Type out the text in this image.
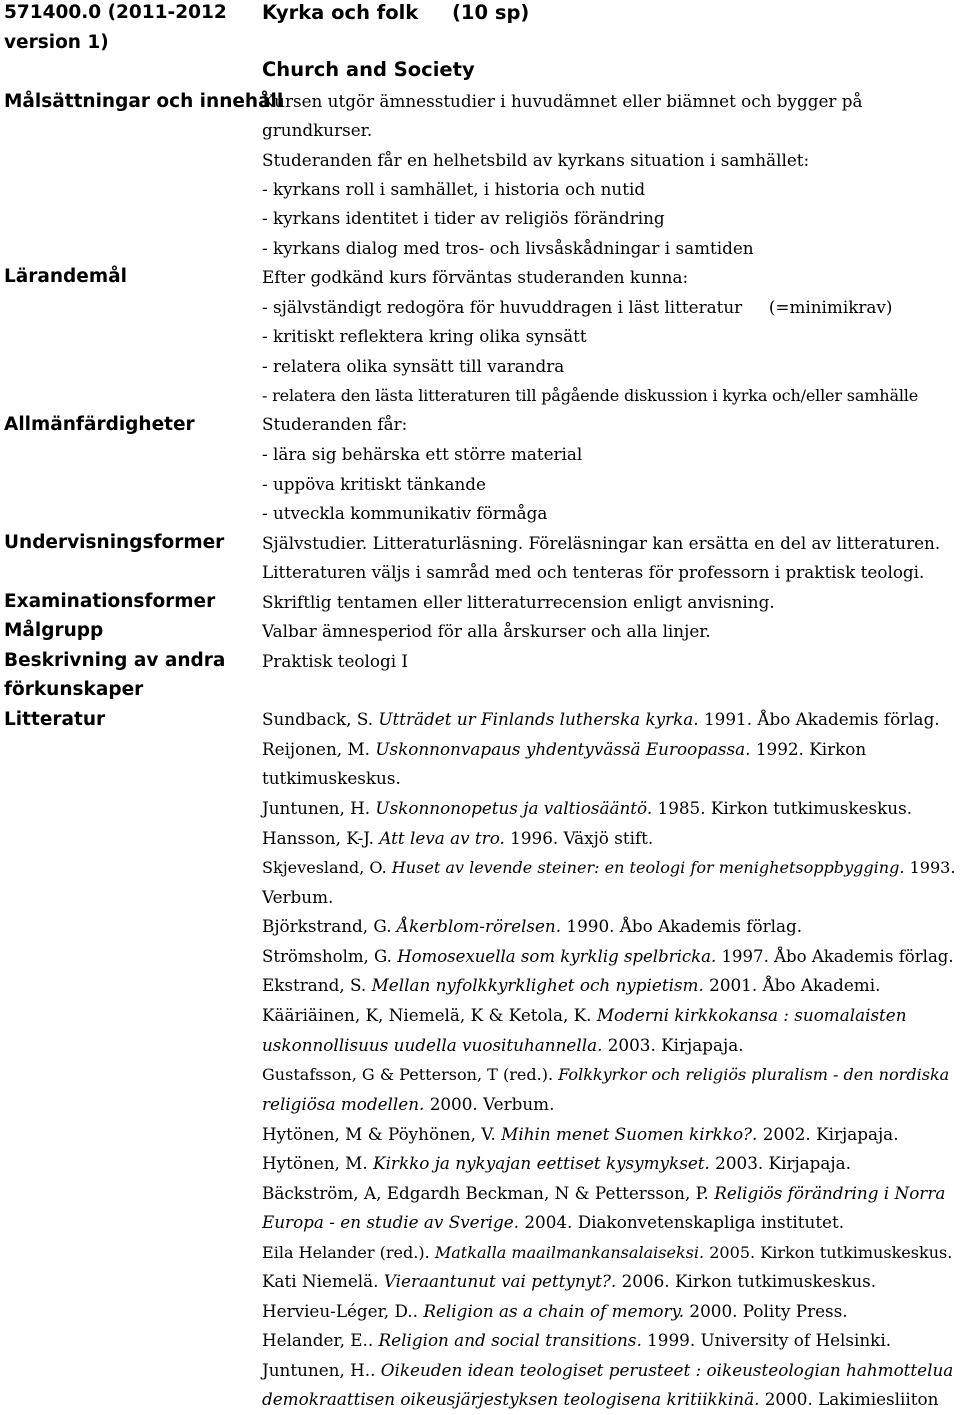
571400.0 (2011-2012
version 1)
Kyrka och folk (10 sp)
Church and Society
Målsättningar och innehåll
Lärandemål
Allmänfärdigheter
Undervisningsformer
Examinationsformer
Målgrupp
Beskrivning av andra
förkunskaper
Litteratur
Kursen utgör ämnesstudier i huvudämnet eller biämnet och bygger på
grundkurser.
Studeranden får en helhetsbild av kyrkans situation i samhället:
- kyrkans roll i samhället, i historia och nutid
- kyrkans identitet i tider av religiös förändring
- kyrkans dialog med tros- och livsåskådningar i samtiden
Efter godkänd kurs förväntas studeranden kunna:
- självständigt redogöra för huvuddragen i läst litteratur     (=minimikrav)
- kritiskt reflektera kring olika synsätt
- relatera olika synsätt till varandra
- relatera den lästa litteraturen till pågående diskussion i kyrka och/eller samhälle
Studeranden får:
- lära sig behärska ett större material
- uppöva kritiskt tänkande
- utveckla kommunikativ förmåga
Självstudier. Litteraturläsning. Föreläsningar kan ersätta en del av litteraturen.
Litteraturen väljs i samråd med och tenteras för professorn i praktisk teologi.
Skriftlig tentamen eller litteraturrecension enligt anvisning.
Valbar ämnesperiod för alla årskurser och alla linjer.
Praktisk teologi I
Sundback, S. Utträdet ur Finlands lutherska kyrka. 1991. Åbo Akademis förlag.
Reijonen, M. Uskonnonvapaus yhdentyvässä Euroopassa. 1992. Kirkon
tutkimuskeskus.
Juntunen, H. Uskonnonopetus ja valtiosääntö. 1985. Kirkon tutkimuskeskus.
Hansson, K-J. Att leva av tro. 1996. Växjö stift.
Skjevesland, O. Huset av levende steiner: en teologi for menighetsoppbygging. 1993.
Verbum.
Björkstrand, G. Åkerblom-rörelsen. 1990. Åbo Akademis förlag.
Strömsholm, G. Homosexuella som kyrklig spelbricka. 1997. Åbo Akademis förlag.
Ekstrand, S. Mellan nyfolkkyrklighet och nypietism. 2001. Åbo Akademi.
Kääriäinen, K, Niemelä, K & Ketola, K. Moderni kirkkokansa : suomalaisten
uskonnollisuus uudella vuosituhannella. 2003. Kirjapaja.
Gustafsson, G & Petterson, T (red.). Folkkyrkor och religiös pluralism - den nordiska
religiösa modellen. 2000. Verbum.
Hytönen, M & Pöyhönen, V. Mihin menet Suomen kirkko?. 2002. Kirjapaja.
Hytönen, M. Kirkko ja nykyajan eettiset kysymykset. 2003. Kirjapaja.
Bäckström, A, Edgardh Beckman, N & Pettersson, P. Religiös förändring i Norra
Europa - en studie av Sverige. 2004. Diakonvetenskapliga institutet.
Eila Helander (red.). Matkalla maailmankansalaiseksi. 2005. Kirkon tutkimuskeskus.
Kati Niemelä. Vieraantunut vai pettynyt?. 2006. Kirkon tutkimuskeskus.
Hervieu-Léger, D.. Religion as a chain of memory. 2000. Polity Press.
Helander, E.. Religion and social transitions. 1999. University of Helsinki.
Juntunen, H.. Oikeuden idean teologiset perusteet : oikeusteologian hahmottelua
demokraattisen oikeusjärjestyksen teologisena kritiikkinä. 2000. Lakimiesliiton
